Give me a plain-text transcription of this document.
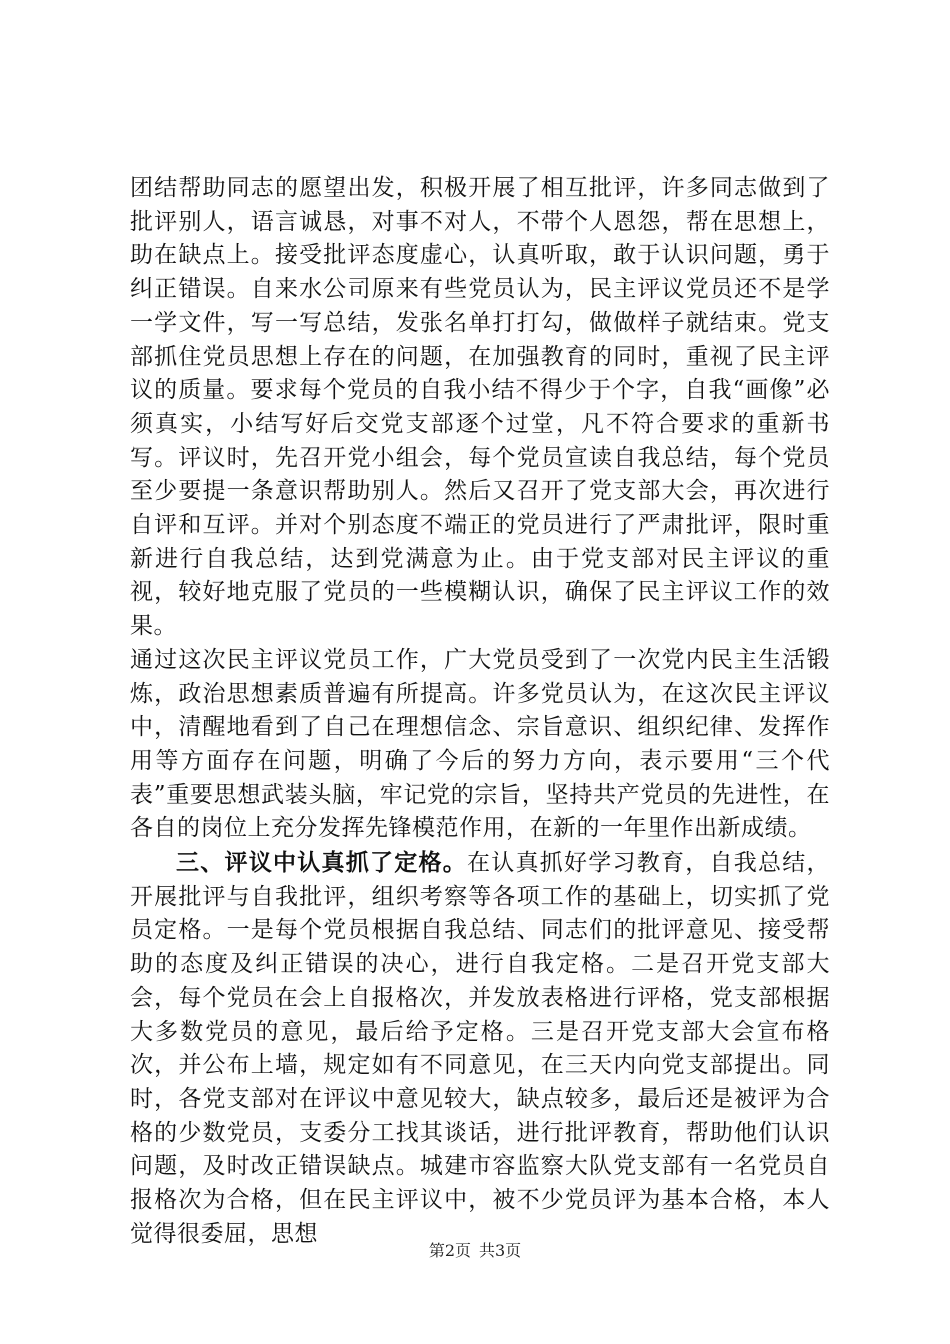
团结帮助同志的愿望出发，积极开展了相互批评，许多同志做到了批评别人，语言诚恳，对事不对人，不带个人恩怨，帮在思想上，助在缺点上。接受批评态度虚心，认真听取，敢于认识问题，勇于纠正错误。自来水公司原来有些党员认为，民主评议党员还不是学一学文件，写一写总结，发张名单打打勾，做做样子就结束。党支部抓住党员思想上存在的问题，在加强教育的同时，重视了民主评议的质量。要求每个党员的自我小结不得少于个字，自我“画像”必须真实，小结写好后交党支部逐个过堂，凡不符合要求的重新书写。评议时，先召开党小组会，每个党员宣读自我总结，每个党员至少要提一条意识帮助别人。然后又召开了党支部大会，再次进行自评和互评。并对个别态度不端正的党员进行了严肃批评，限时重新进行自我总结，达到党满意为止。由于党支部对民主评议的重视，较好地克服了党员的一些模糊认识，确保了民主评议工作的效果。

通过这次民主评议党员工作，广大党员受到了一次党内民主生活锻炼，政治思想素质普遍有所提高。许多党员认为，在这次民主评议中，清醒地看到了自己在理想信念、宗旨意识、组织纪律、发挥作用等方面存在问题，明确了今后的努力方向，表示要用“三个代表”重要思想武装头脑，牢记党的宗旨，坚持共产党员的先进性，在各自的岗位上充分发挥先锋模范作用，在新的一年里作出新成绩。

三、评议中认真抓了定格。在认真抓好学习教育，自我总结，开展批评与自我批评，组织考察等各项工作的基础上，切实抓了党员定格。一是每个党员根据自我总结、同志们的批评意见、接受帮助的态度及纠正错误的决心，进行自我定格。二是召开党支部大会，每个党员在会上自报格次，并发放表格进行评格，党支部根据大多数党员的意见，最后给予定格。三是召开党支部大会宣布格次，并公布上墙，规定如有不同意见，在三天内向党支部提出。同时，各党支部对在评议中意见较大，缺点较多，最后还是被评为合格的少数党员，支委分工找其谈话，进行批评教育，帮助他们认识问题，及时改正错误缺点。城建市容监察大队党支部有一名党员自报格次为合格，但在民主评议中，被不少党员评为基本合格，本人觉得很委屈，思想

第2页 共3页
